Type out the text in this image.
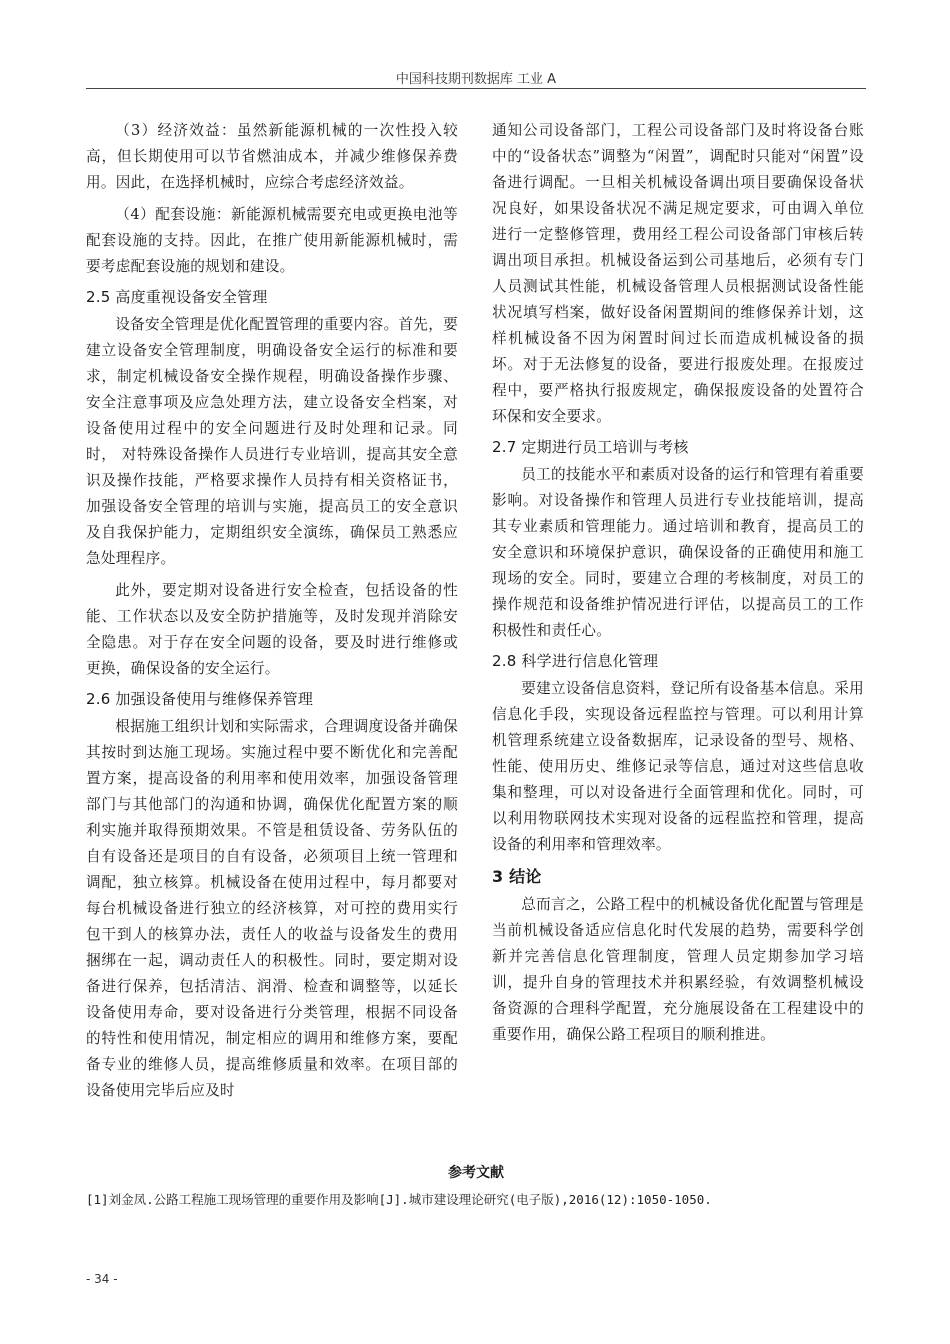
中国科技期刊数据库 工业 A

（3）经济效益：虽然新能源机械的一次性投入较高，但长期使用可以节省燃油成本，并减少维修保养费用。因此，在选择机械时，应综合考虑经济效益。

（4）配套设施：新能源机械需要充电或更换电池等配套设施的支持。因此，在推广使用新能源机械时，需要考虑配套设施的规划和建设。

2.5 高度重视设备安全管理

设备安全管理是优化配置管理的重要内容。首先，要建立设备安全管理制度，明确设备安全运行的标准和要求，制定机械设备安全操作规程，明确设备操作步骤、安全注意事项及应急处理方法，建立设备安全档案，对设备使用过程中的安全问题进行及时处理和记录。同时， 对特殊设备操作人员进行专业培训，提高其安全意识及操作技能，严格要求操作人员持有相关资格证书，加强设备安全管理的培训与实施，提高员工的安全意识及自我保护能力，定期组织安全演练，确保员工熟悉应急处理程序。

此外，要定期对设备进行安全检查，包括设备的性能、工作状态以及安全防护措施等，及时发现并消除安全隐患。对于存在安全问题的设备，要及时进行维修或更换，确保设备的安全运行。

2.6 加强设备使用与维修保养管理

根据施工组织计划和实际需求，合理调度设备并确保其按时到达施工现场。实施过程中要不断优化和完善配置方案，提高设备的利用率和使用效率，加强设备管理部门与其他部门的沟通和协调，确保优化配置方案的顺利实施并取得预期效果。不管是租赁设备、劳务队伍的自有设备还是项目的自有设备，必须项目上统一管理和调配，独立核算。机械设备在使用过程中，每月都要对每台机械设备进行独立的经济核算，对可控的费用实行包干到人的核算办法，责任人的收益与设备发生的费用捆绑在一起，调动责任人的积极性。同时，要定期对设备进行保养，包括清洁、润滑、检查和调整等，以延长设备使用寿命，要对设备进行分类管理，根据不同设备的特性和使用情况，制定相应的调用和维修方案，要配备专业的维修人员，提高维修质量和效率。在项目部的设备使用完毕后应及时

通知公司设备部门，工程公司设备部门及时将设备台账中的“设备状态”调整为“闲置”，调配时只能对“闲置”设备进行调配。一旦相关机械设备调出项目要确保设备状况良好，如果设备状况不满足规定要求，可由调入单位进行一定整修管理，费用经工程公司设备部门审核后转调出项目承担。机械设备运到公司基地后，必须有专门人员测试其性能，机械设备管理人员根据测试设备性能状况填写档案，做好设备闲置期间的维修保养计划，这样机械设备不因为闲置时间过长而造成机械设备的损坏。对于无法修复的设备，要进行报废处理。在报废过程中，要严格执行报废规定，确保报废设备的处置符合环保和安全要求。

2.7 定期进行员工培训与考核

员工的技能水平和素质对设备的运行和管理有着重要影响。对设备操作和管理人员进行专业技能培训，提高其专业素质和管理能力。通过培训和教育，提高员工的安全意识和环境保护意识，确保设备的正确使用和施工现场的安全。同时，要建立合理的考核制度，对员工的操作规范和设备维护情况进行评估，以提高员工的工作积极性和责任心。

2.8 科学进行信息化管理

要建立设备信息资料，登记所有设备基本信息。采用信息化手段，实现设备远程监控与管理。可以利用计算机管理系统建立设备数据库，记录设备的型号、规格、性能、使用历史、维修记录等信息，通过对这些信息收集和整理，可以对设备进行全面管理和优化。同时，可以利用物联网技术实现对设备的远程监控和管理，提高设备的利用率和管理效率。

3 结论

总而言之，公路工程中的机械设备优化配置与管理是当前机械设备适应信息化时代发展的趋势，需要科学创新并完善信息化管理制度，管理人员定期参加学习培训，提升自身的管理技术并积累经验，有效调整机械设备资源的合理科学配置，充分施展设备在工程建设中的重要作用，确保公路工程项目的顺利推进。

参考文献
[1]刘金凤.公路工程施工现场管理的重要作用及影响[J].城市建设理论研究(电子版),2016(12):1050-1050.
- 34 -
